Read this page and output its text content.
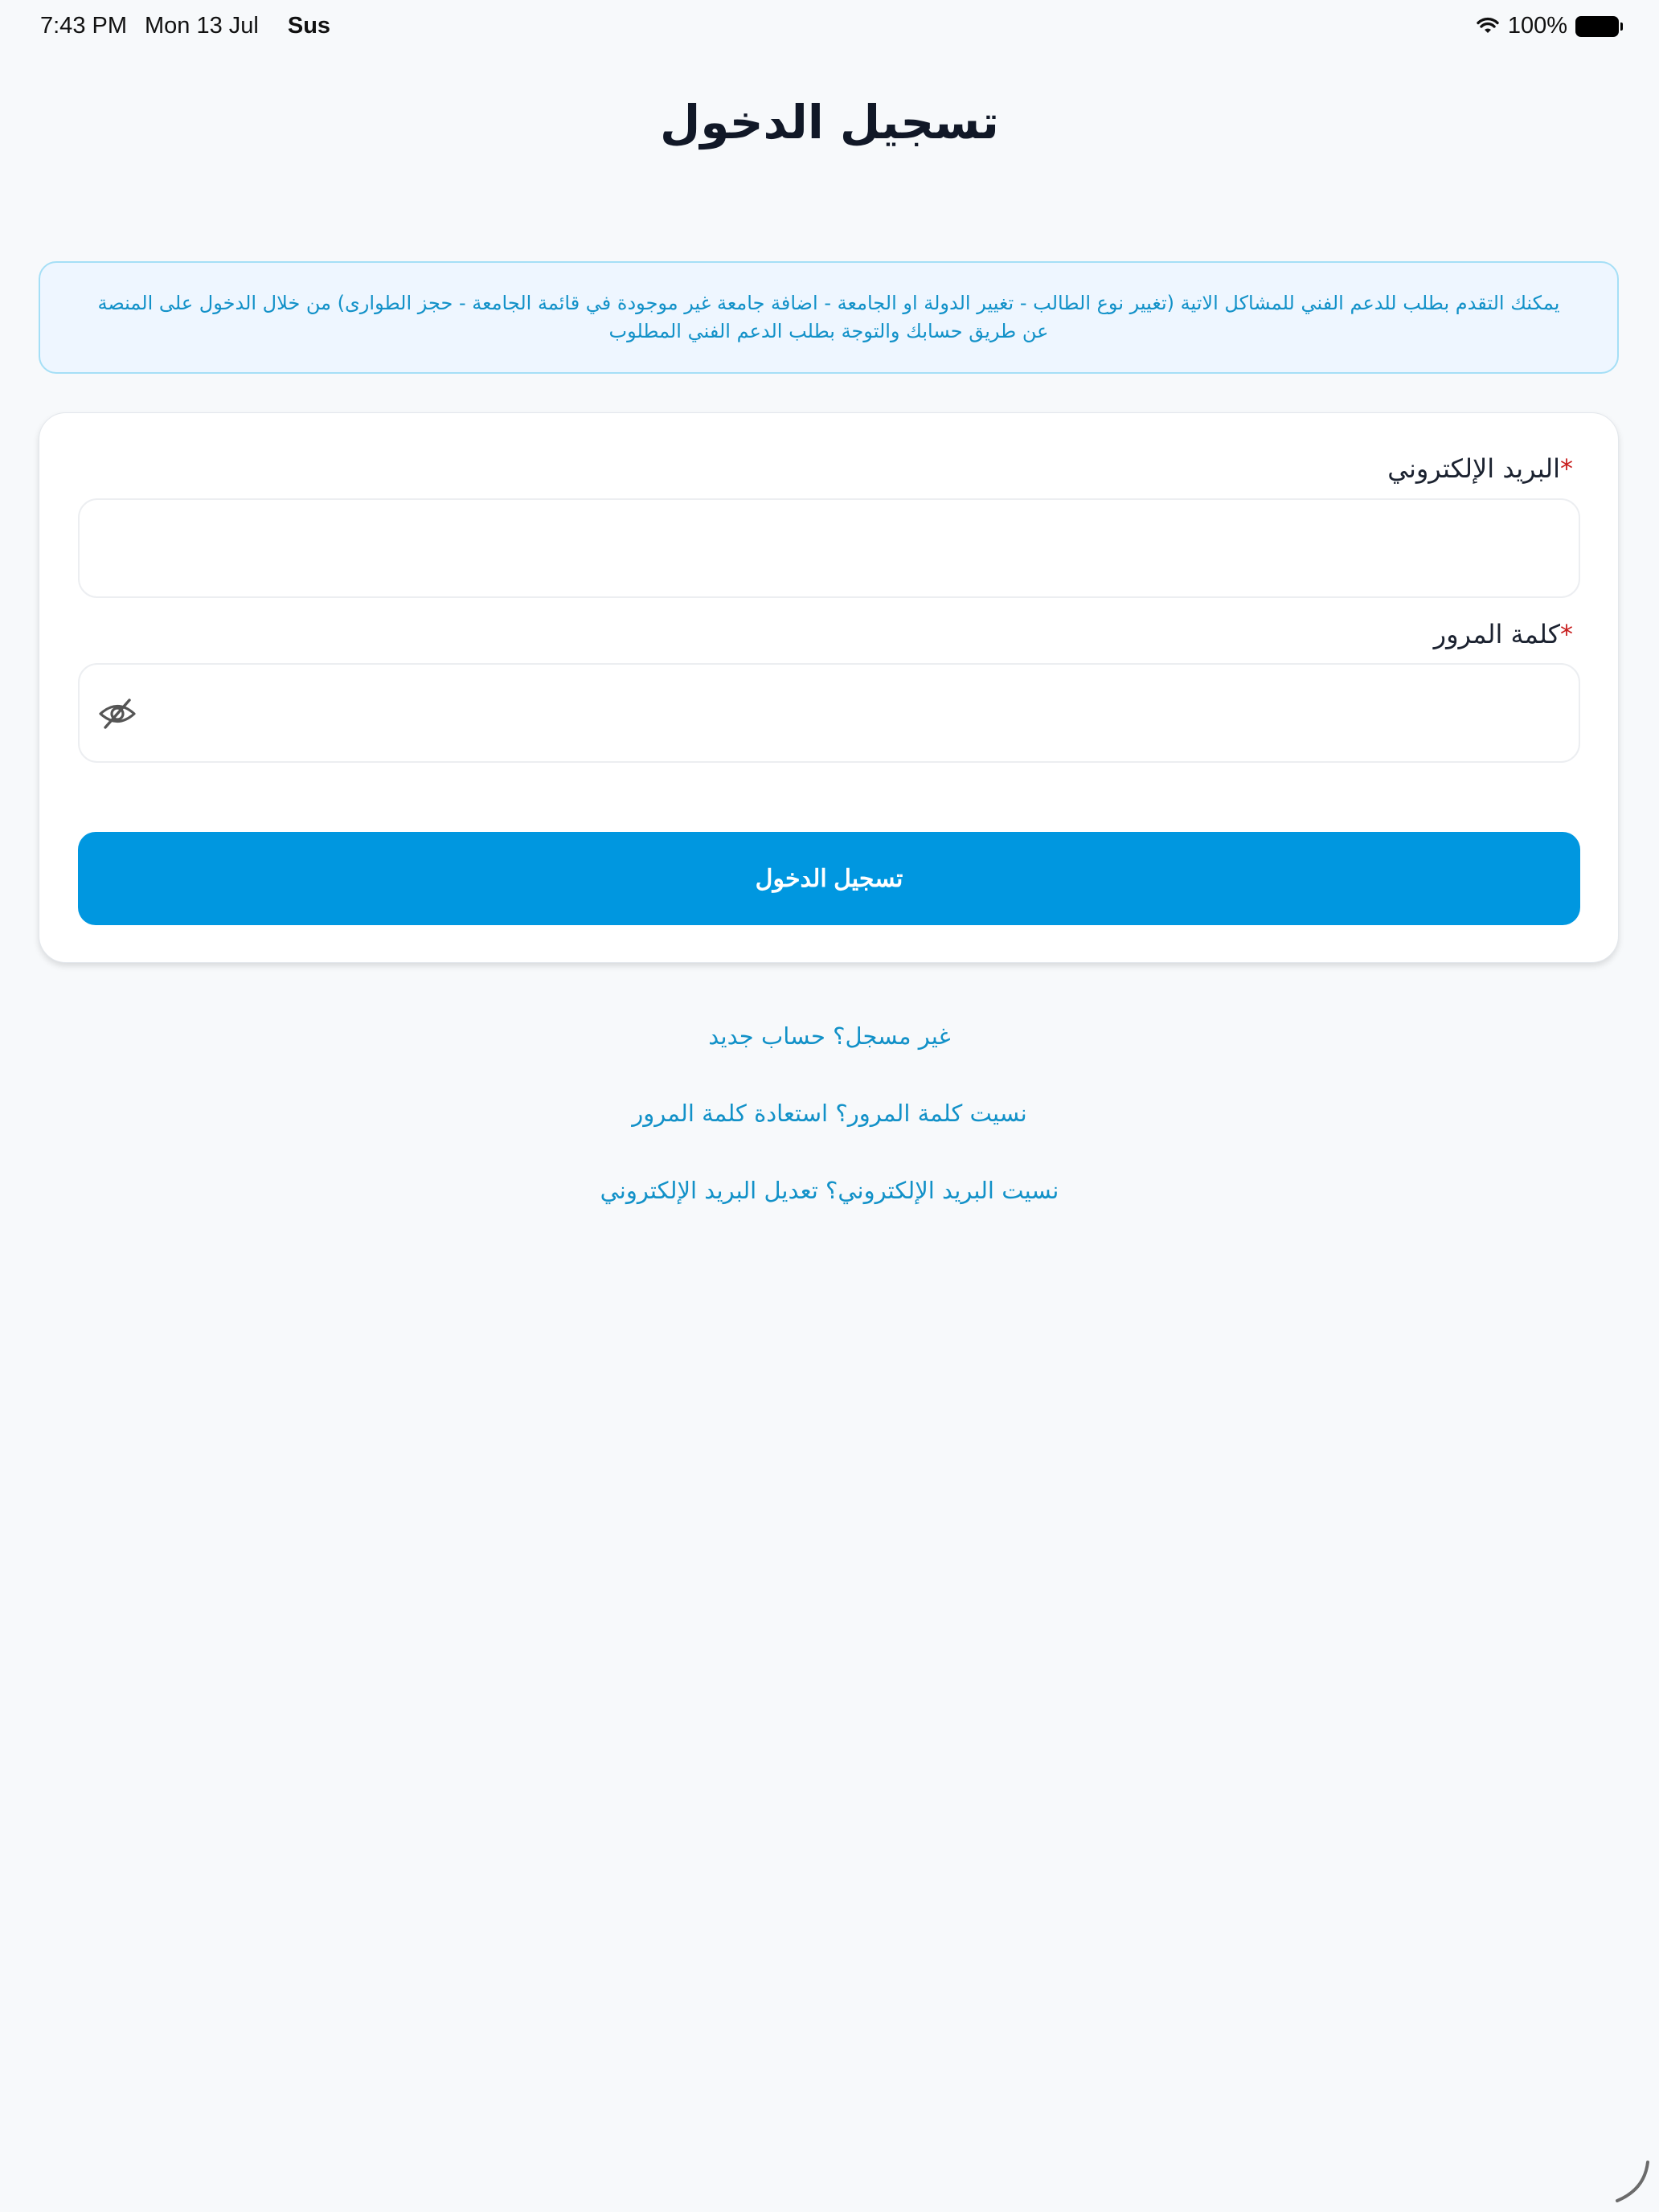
7:43 PM Mon 13 Jul Sus	100%
تسجيل الدخول

يمكنك التقدم بطلب للدعم الفني للمشاكل الاتية (تغيير نوع الطالب - تغيير الدولة او الجامعة - اضافة جامعة غير موجودة في قائمة الجامعة - حجز الطوارى) من خلال الدخول على المنصة عن طريق حسابك والتوجة بطلب الدعم الفني المطلوب

*البريد الإلكتروني
*كلمة المرور
تسجيل الدخول
غير مسجل؟ حساب جديد
نسيت كلمة المرور؟ استعادة كلمة المرور
نسيت البريد الإلكتروني؟ تعديل البريد الإلكتروني
